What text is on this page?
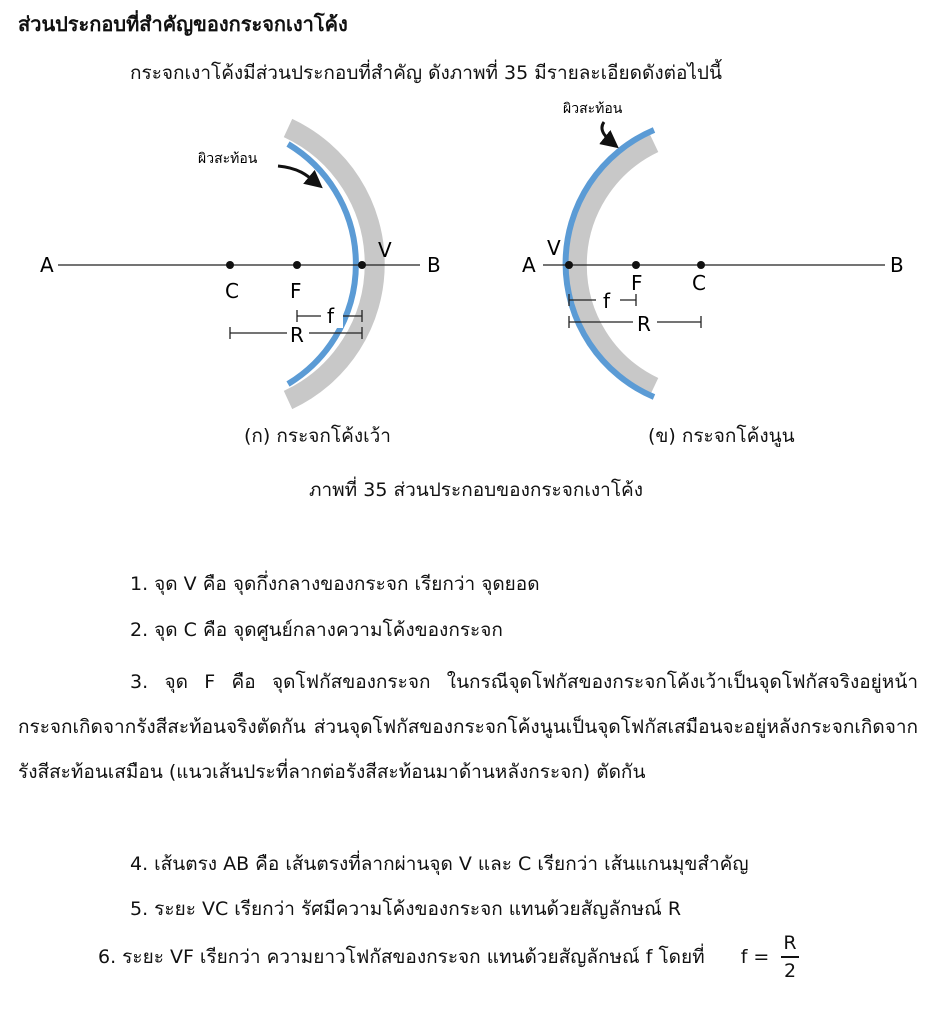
ส่วนประกอบที่สำคัญของกระจกเงาโค้ง
กระจกเงาโค้งมีส่วนประกอบที่สำคัญ ดังภาพที่ 35 มีรายละเอียดดังต่อไปนี้
A	B
C	F
V
f
R
ผิวสะท้อน
A	B
V
F C
f
R
ผิวสะท้อน
(ก) กระจกโค้งเว้า	(ข) กระจกโค้งนูน
ภาพที่ 35 ส่วนประกอบของกระจกเงาโค้ง
1. จุด V คือ จุดกึ่งกลางของกระจก เรียกว่า จุดยอด
2. จุด C คือ จุดศูนย์กลางความโค้งของกระจก
3. จุด F คือ จุดโฟกัสของกระจก ในกรณีจุดโฟกัสของกระจกโค้งเว้าเป็นจุดโฟกัสจริงอยู่หน้ากระจกเกิดจากรังสีสะท้อนจริงตัดกัน ส่วนจุดโฟกัสของกระจกโค้งนูนเป็นจุดโฟกัสเสมือนจะอยู่หลังกระจกเกิดจากรังสีสะท้อนเสมือน (แนวเส้นประที่ลากต่อรังสีสะท้อนมาด้านหลังกระจก) ตัดกัน
4. เส้นตรง AB คือ เส้นตรงที่ลากผ่านจุด V และ C เรียกว่า เส้นแกนมุขสำคัญ
5. ระยะ VC เรียกว่า รัศมีความโค้งของกระจก แทนด้วยสัญลักษณ์ R
6. ระยะ VF เรียกว่า ความยาวโฟกัสของกระจก แทนด้วยสัญลักษณ์ f โดยที่ $f = \frac{R}{2}$
